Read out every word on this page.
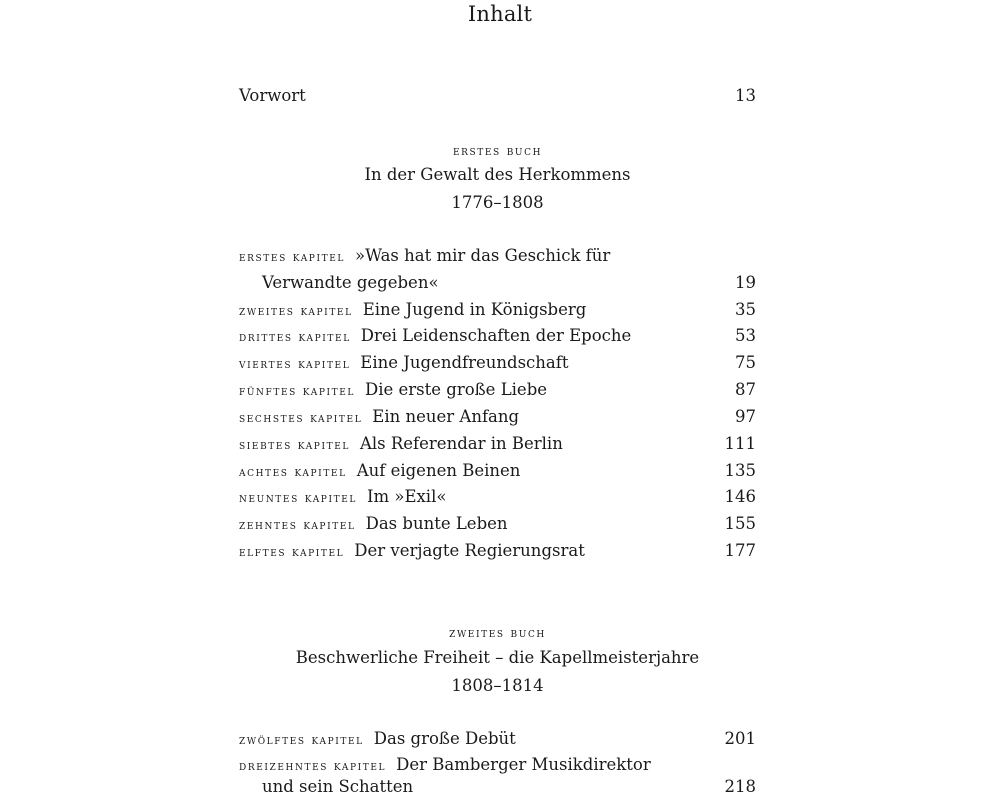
Inhalt
Vorwort	13
erstes buch
In der Gewalt des Herkommens
1776–1808
erstes kapitel »Was hat mir das Geschick für
Verwandte gegeben«	19
zweites kapitel Eine Jugend in Königsberg	35
drittes kapitel Drei Leidenschaften der Epoche	53
viertes kapitel Eine Jugendfreundschaft	75
fünftes kapitel Die erste große Liebe	87
sechstes kapitel Ein neuer Anfang	97
siebtes kapitel Als Referendar in Berlin	111
achtes kapitel Auf eigenen Beinen	135
neuntes kapitel Im »Exil«	146
zehntes kapitel Das bunte Leben	155
elftes kapitel Der verjagte Regierungsrat	177
zweites buch
Beschwerliche Freiheit – die Kapellmeisterjahre
1808–1814
zwölftes kapitel Das große Debüt	201
dreizehntes kapitel Der Bamberger Musikdirektor
und sein Schatten	218
